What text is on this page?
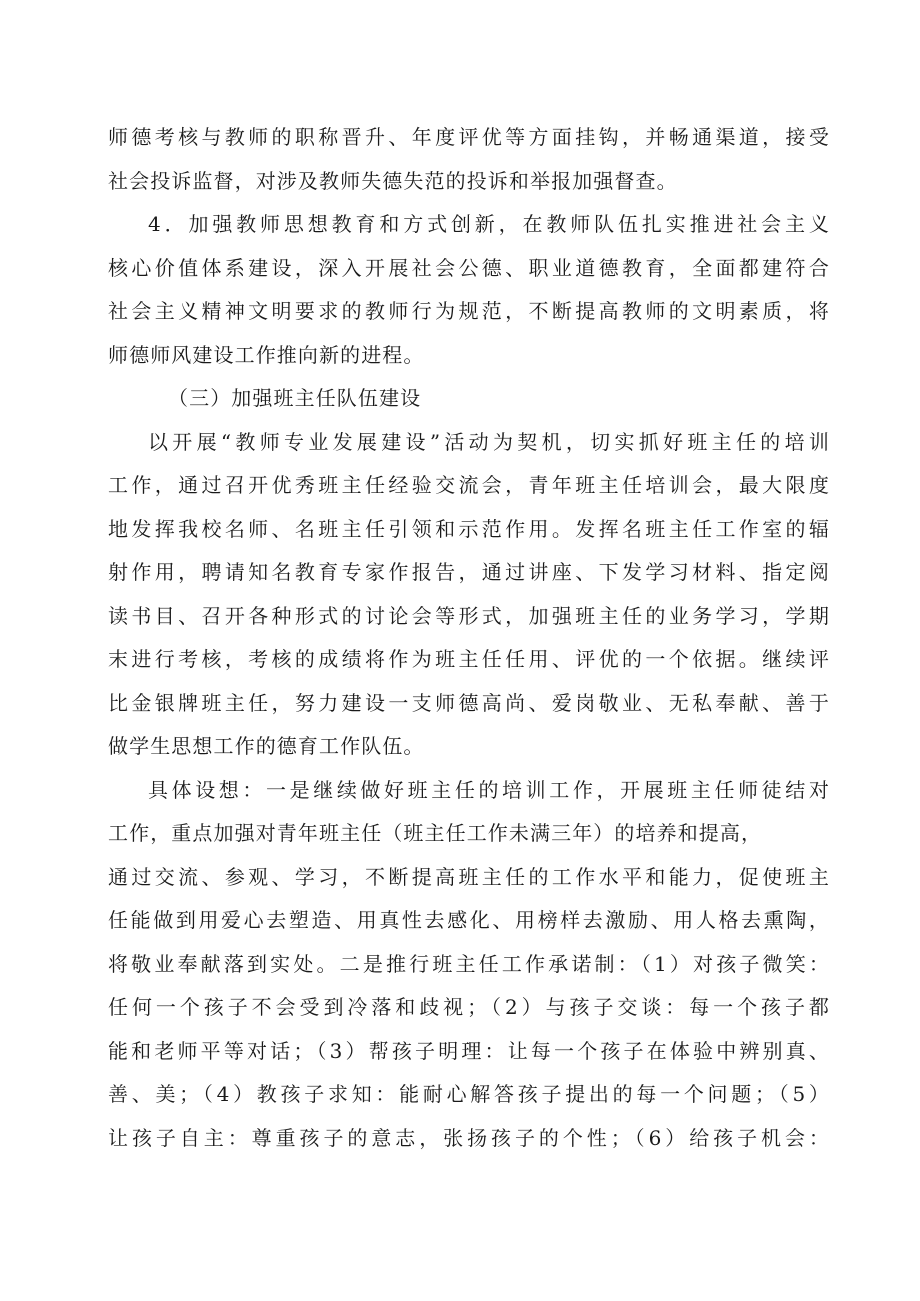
师德考核与教师的职称晋升、年度评优等方面挂钩，并畅通渠道，接受
社会投诉监督，对涉及教师失德失范的投诉和举报加强督查。
4．加强教师思想教育和方式创新，在教师队伍扎实推进社会主义
核心价值体系建设，深入开展社会公德、职业道德教育，全面都建符合
社会主义精神文明要求的教师行为规范，不断提高教师的文明素质，将
师德师风建设工作推向新的进程。
（三）加强班主任队伍建设
以开展“教师专业发展建设”活动为契机，切实抓好班主任的培训
工作，通过召开优秀班主任经验交流会，青年班主任培训会，最大限度
地发挥我校名师、名班主任引领和示范作用。发挥名班主任工作室的辐
射作用，聘请知名教育专家作报告，通过讲座、下发学习材料、指定阅
读书目、召开各种形式的讨论会等形式，加强班主任的业务学习，学期
末进行考核，考核的成绩将作为班主任任用、评优的一个依据。继续评
比金银牌班主任，努力建设一支师德高尚、爱岗敬业、无私奉献、善于
做学生思想工作的德育工作队伍。
具体设想：一是继续做好班主任的培训工作，开展班主任师徒结对
工作，重点加强对青年班主任（班主任工作未满三年）的培养和提高，
通过交流、参观、学习，不断提高班主任的工作水平和能力，促使班主
任能做到用爱心去塑造、用真性去感化、用榜样去激励、用人格去熏陶，
将敬业奉献落到实处。二是推行班主任工作承诺制：（1）对孩子微笑：
任何一个孩子不会受到冷落和歧视；（2）与孩子交谈：每一个孩子都
能和老师平等对话；（3）帮孩子明理：让每一个孩子在体验中辨别真、
善、美；（4）教孩子求知：能耐心解答孩子提出的每一个问题；（5）
让孩子自主：尊重孩子的意志，张扬孩子的个性；（6）给孩子机会：
